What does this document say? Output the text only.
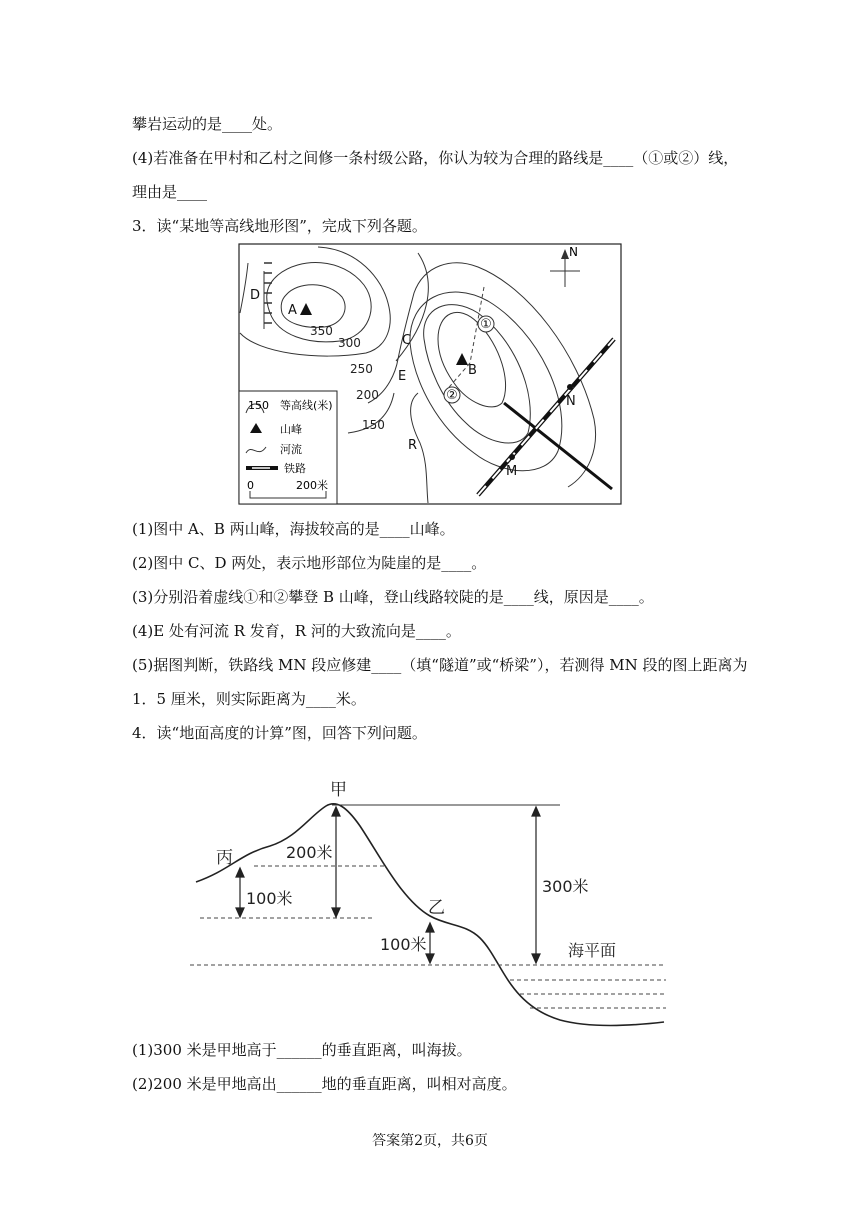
攀岩运动的是____处。
(4)若准备在甲村和乙村之间修一条村级公路，你认为较为合理的路线是____（①或②）线，
理由是____
3．读“某地等高线地形图”，完成下列各题。
N
A
B
C
D
E
R
M
N
①
②
350
300
250
200
150
150 等高线(米)
山峰
河流
铁路
0	200米
(1)图中 A、B 两山峰，海拔较高的是____山峰。
(2)图中 C、D 两处，表示地形部位为陡崖的是____。
(3)分别沿着虚线①和②攀登 B 山峰，登山线路较陡的是____线，原因是____。
(4)E 处有河流 R 发育，R 河的大致流向是____。
(5)据图判断，铁路线 MN 段应修建____（填“隧道”或“桥梁”），若测得 MN 段的图上距离为
1．5 厘米，则实际距离为____米。
4．读“地面高度的计算”图，回答下列问题。
甲
乙
丙	200米
100米
300米
100米	海平面
(1)300 米是甲地高于______的垂直距离，叫海拔。
(2)200 米是甲地高出______地的垂直距离，叫相对高度。
答案第2页，共6页
